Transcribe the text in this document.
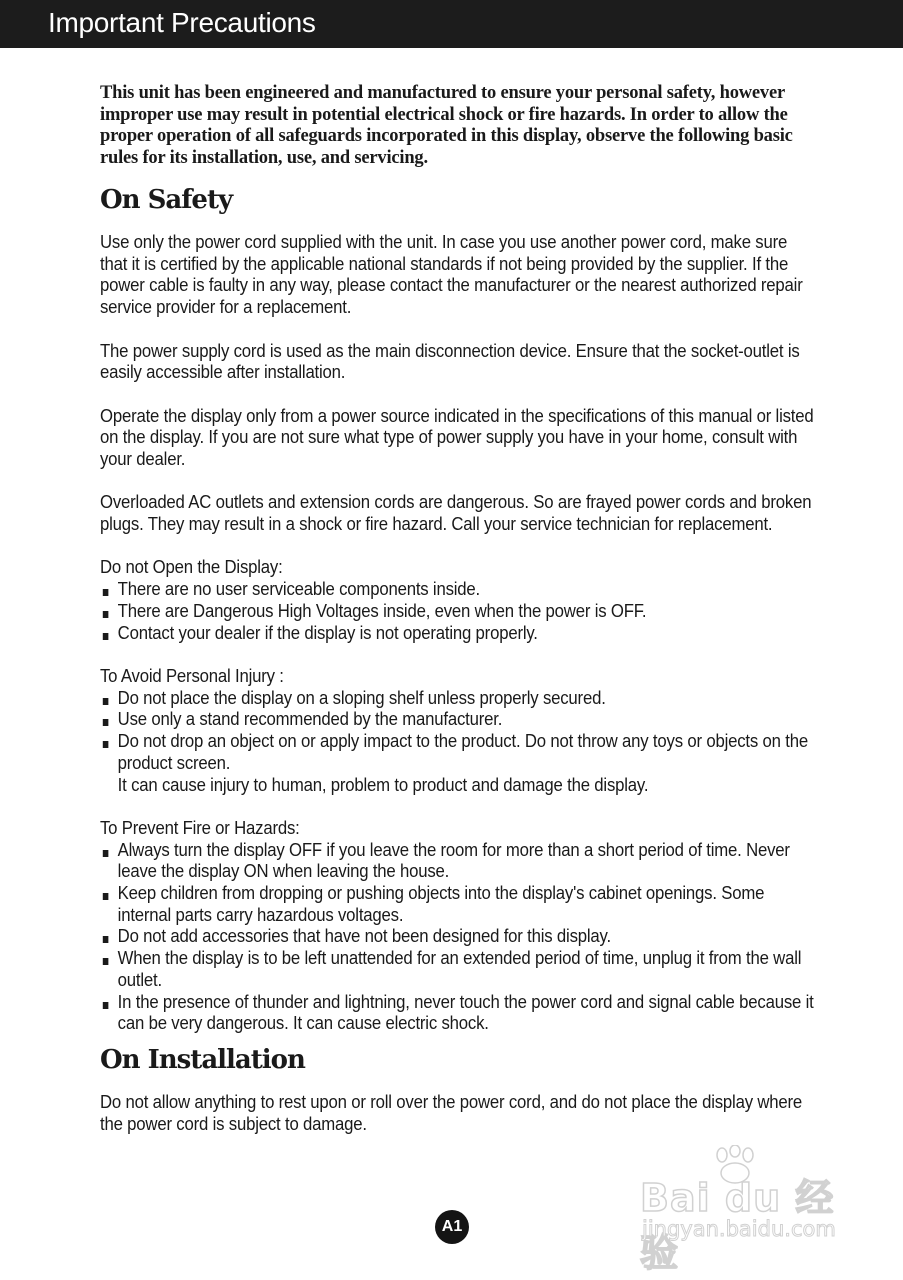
Important Precautions

This unit has been engineered and manufactured to ensure your personal safety, however improper use may result in potential electrical shock or fire hazards. In order to allow the proper operation of all safeguards incorporated in this display, observe the following basic rules for its installation, use, and servicing.

On Safety

Use only the power cord supplied with the unit. In case you use another power cord, make sure that it is certified by the applicable national standards if not being provided by the supplier. If the power cable is faulty in any way, please contact the manufacturer or the nearest authorized repair service provider for a replacement.

The power supply cord is used as the main disconnection device. Ensure that the socket-outlet is easily accessible after installation.

Operate the display only from a power source indicated in the specifications of this manual or listed on the display. If you are not sure what type of power supply you have in your home, consult with your dealer.

Overloaded AC outlets and extension cords are dangerous. So are frayed power cords and broken plugs. They may result in a shock or fire hazard. Call your service technician for replacement.

Do not Open the Display:

There are no user serviceable components inside.
There are Dangerous High Voltages inside, even when the power is OFF.
Contact your dealer if the display is not operating properly.

To Avoid Personal Injury :

Do not place the display on a sloping shelf unless properly secured.
Use only a stand recommended by the manufacturer.
Do not drop an object on or apply impact to the product. Do not throw any toys or objects on the product screen.
It can cause injury to human, problem to product and damage the display.

To Prevent Fire or Hazards:

Always turn the display OFF if you leave the room for more than a short period of time. Never leave the display ON when leaving the house.
Keep children from dropping or pushing objects into the display's cabinet openings. Some internal parts carry hazardous voltages.
Do not add accessories that have not been designed for this display.
When the display is to be left unattended for an extended period of time, unplug it from the wall outlet.
In the presence of thunder and lightning, never touch the power cord and signal cable because it can be very dangerous. It can cause electric shock.
On Installation

Do not allow anything to rest upon or roll over the power cord, and do not place the display where the power cord is subject to damage.

A1
Bai du 经验
jingyan.baidu.com
